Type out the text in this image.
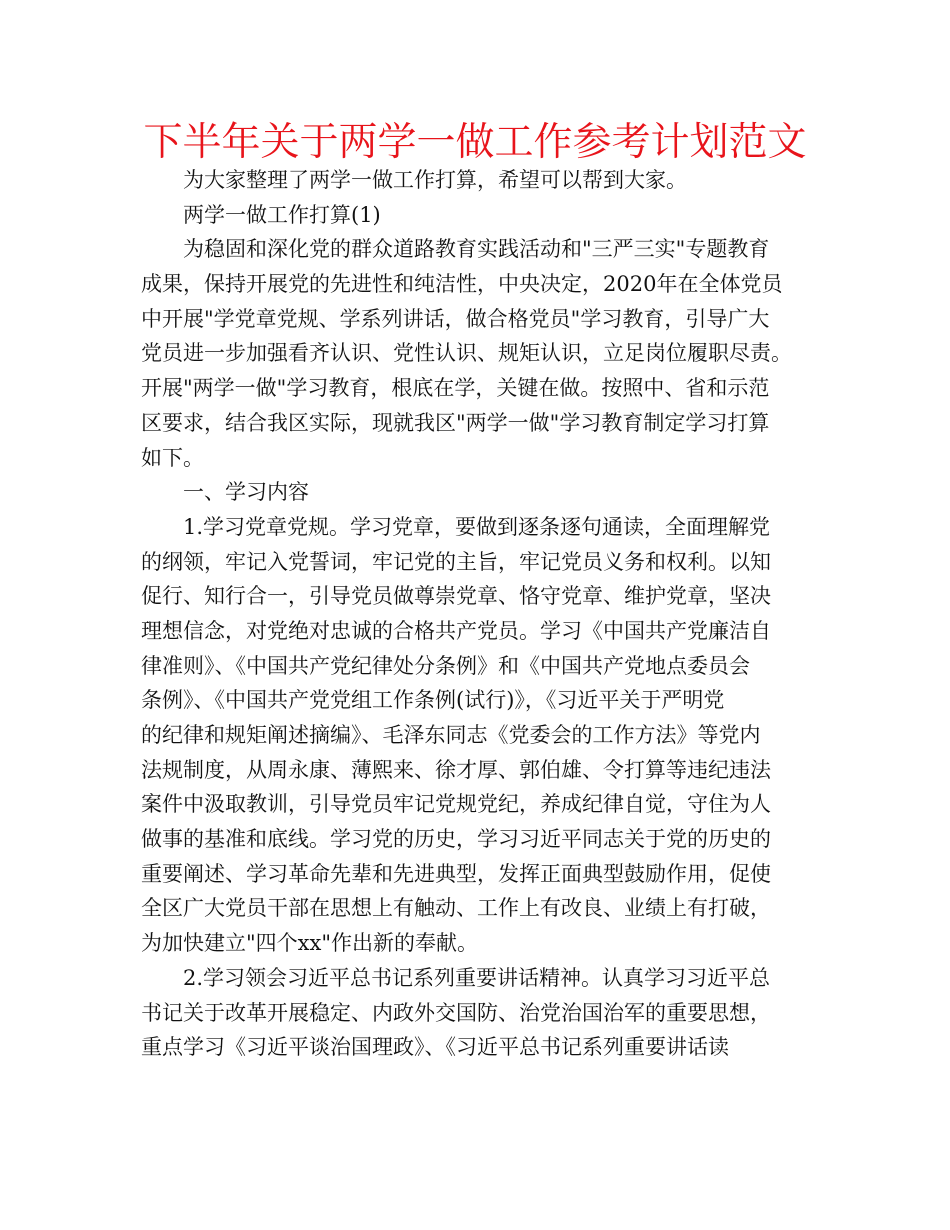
下半年关于两学一做工作参考计划范文
为大家整理了两学一做工作打算，希望可以帮到大家。
两学一做工作打算(1)
为稳固和深化党的群众道路教育实践活动和"三严三实"专题教育
成果，保持开展党的先进性和纯洁性，中央决定，2020年在全体党员
中开展"学党章党规、学系列讲话，做合格党员"学习教育，引导广大
党员进一步加强看齐认识、党性认识、规矩认识，立足岗位履职尽责。
开展"两学一做"学习教育，根底在学，关键在做。按照中、省和示范
区要求，结合我区实际，现就我区"两学一做"学习教育制定学习打算
如下。
一、学习内容
1.学习党章党规。学习党章，要做到逐条逐句通读，全面理解党
的纲领，牢记入党誓词，牢记党的主旨，牢记党员义务和权利。以知
促行、知行合一，引导党员做尊崇党章、恪守党章、维护党章，坚决
理想信念，对党绝对忠诚的合格共产党员。学习《中国共产党廉洁自
律准则》、《中国共产党纪律处分条例》和《中国共产党地点委员会
条例》、《中国共产党党组工作条例(试行)》，《习近平关于严明党
的纪律和规矩阐述摘编》、毛泽东同志《党委会的工作方法》等党内
法规制度，从周永康、薄熙来、徐才厚、郭伯雄、令打算等违纪违法
案件中汲取教训，引导党员牢记党规党纪，养成纪律自觉，守住为人
做事的基准和底线。学习党的历史，学习习近平同志关于党的历史的
重要阐述、学习革命先辈和先进典型，发挥正面典型鼓励作用，促使
全区广大党员干部在思想上有触动、工作上有改良、业绩上有打破，
为加快建立"四个xx"作出新的奉献。
2.学习领会习近平总书记系列重要讲话精神。认真学习习近平总
书记关于改革开展稳定、内政外交国防、治党治国治军的重要思想，
重点学习《习近平谈治国理政》、《习近平总书记系列重要讲话读
